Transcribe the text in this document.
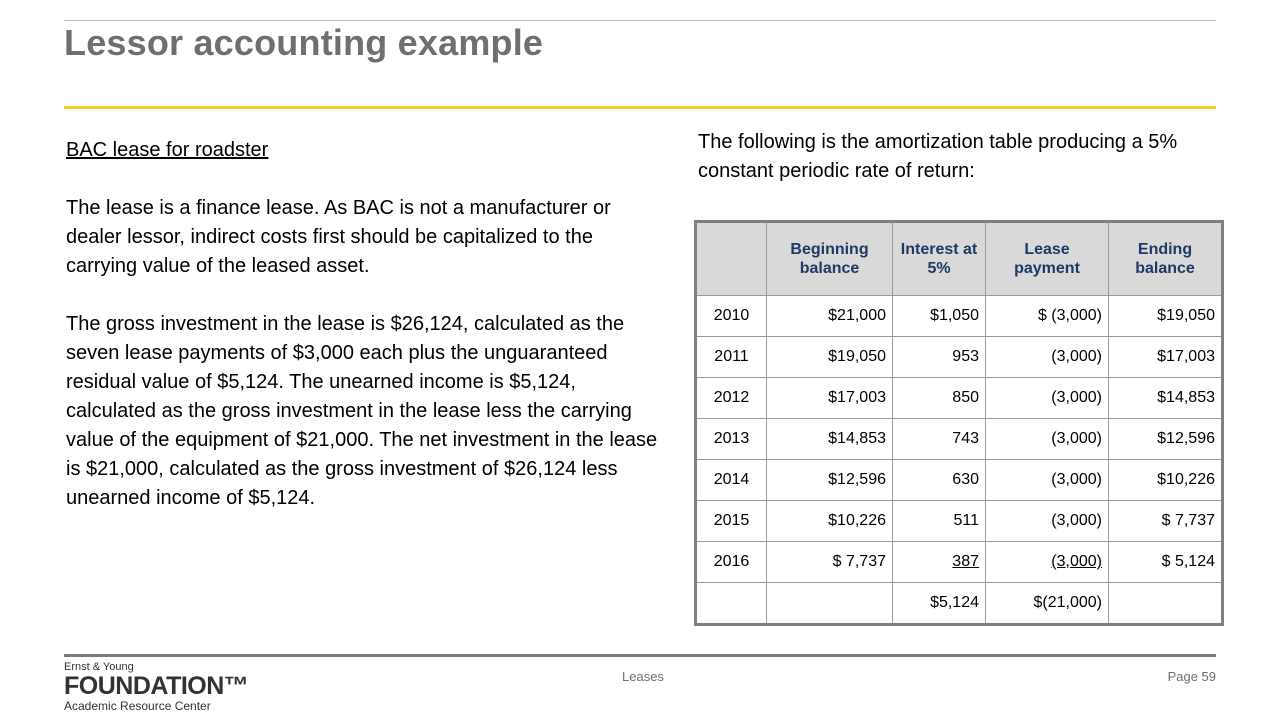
Lessor accounting example

BAC lease for roadster

The lease is a finance lease. As BAC is not a manufacturer or dealer lessor, indirect costs first should be capitalized to the carrying value of the leased asset.

The gross investment in the lease is $26,124, calculated as the seven lease payments of $3,000 each plus the unguaranteed residual value of $5,124. The unearned income is $5,124, calculated as the gross investment in the lease less the carrying value of the equipment of $21,000. The net investment in the lease is $21,000, calculated as the gross investment of $26,124 less unearned income of $5,124.

The following is the amortization table producing a 5% constant periodic rate of return:

	Beginning balance	Interest at 5%	Lease payment	Ending balance
2010	$21,000	$1,050	$ (3,000)	$19,050
2011	$19,050	953	(3,000)	$17,003
2012	$17,003	850	(3,000)	$14,853
2013	$14,853	743	(3,000)	$12,596
2014	$12,596	630	(3,000)	$10,226
2015	$10,226	511	(3,000)	$ 7,737
2016	$ 7,737	387	(3,000)	$ 5,124
		$5,124	$(21,000)	
Ernst & Young
FOUNDATION™
Academic Resource Center
Leases	Page 59
